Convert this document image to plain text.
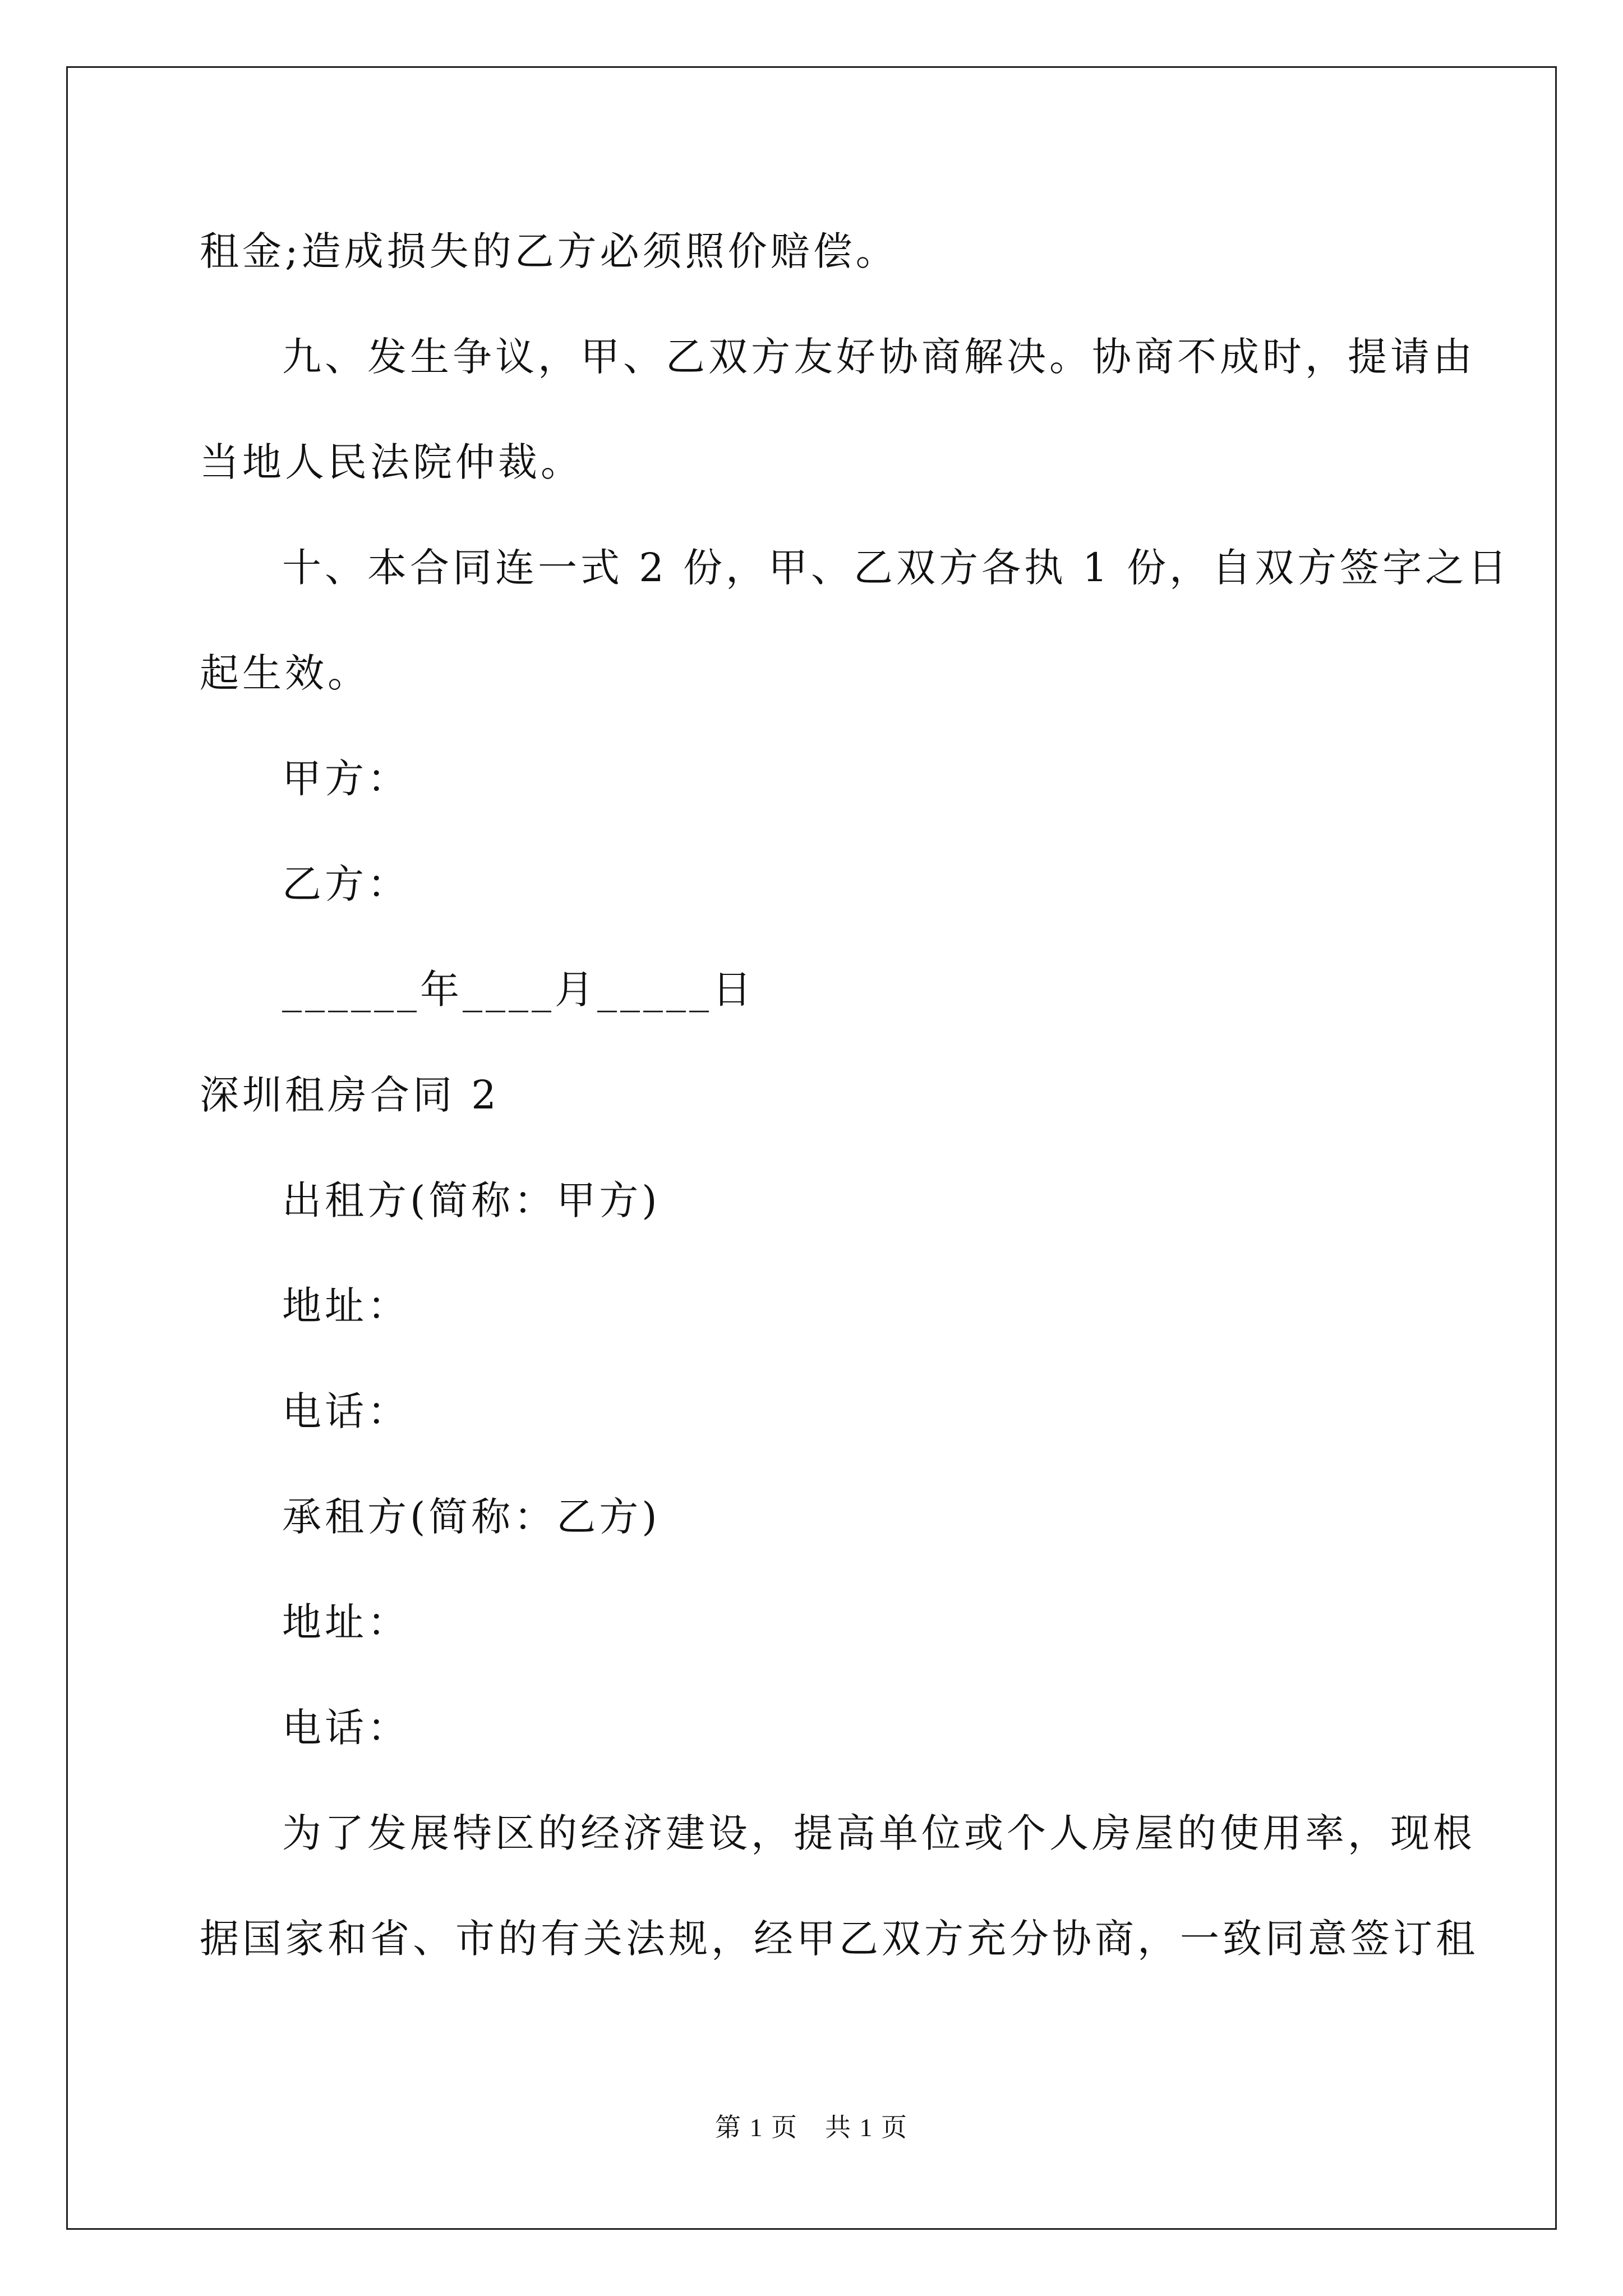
租金;造成损失的乙方必须照价赔偿。
九、发生争议，甲、乙双方友好协商解决。协商不成时，提请由
当地人民法院仲裁。
十、本合同连一式 2 份，甲、乙双方各执 1 份，自双方签字之日
起生效。
甲方：
乙方：
______年____月_____日
深圳租房合同 2
出租方(简称：甲方)
地址：
电话：
承租方(简称：乙方)
地址：
电话：
为了发展特区的经济建设，提高单位或个人房屋的使用率，现根
据国家和省、市的有关法规，经甲乙双方充分协商，一致同意签订租
第 1 页　共 1 页
